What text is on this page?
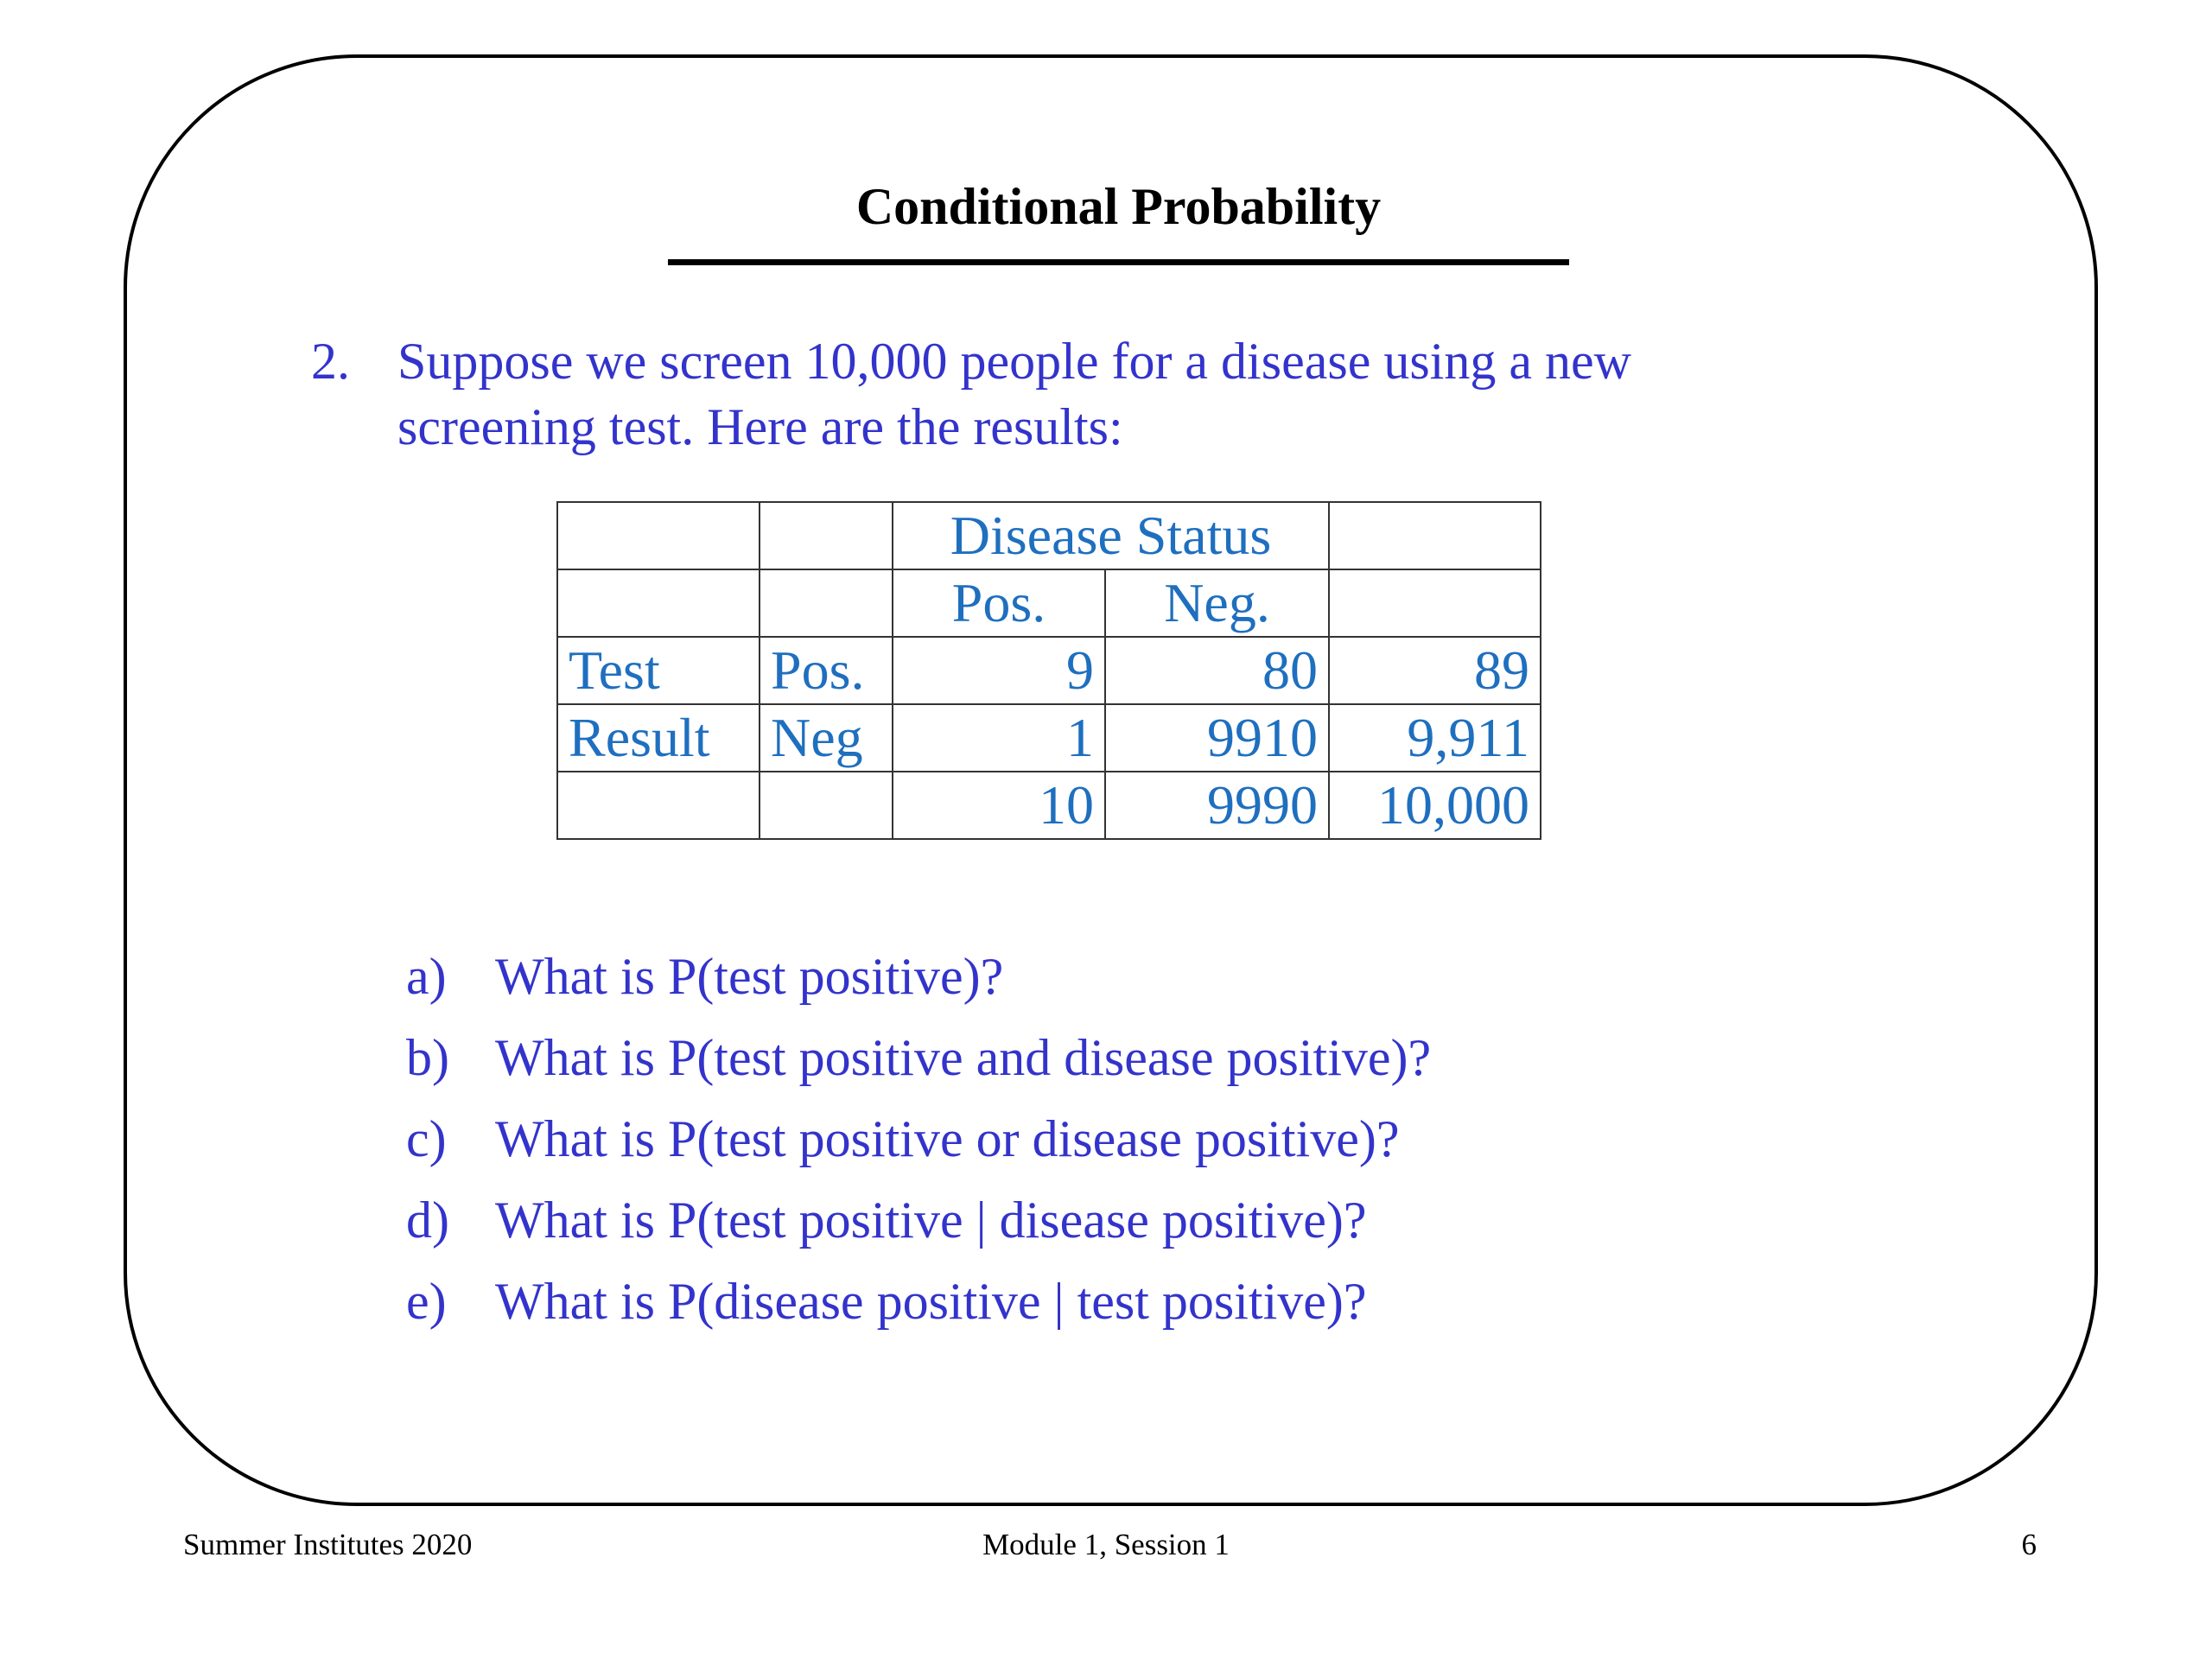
Conditional Probability
2. Suppose we screen 10,000 people for a disease using a new screening test. Here are the results:
		Disease Status		
		Pos.	Neg.	
Test	Pos.	9	80	89
Result	Neg	1	9910	9,911
		10	9990	10,000
a) What is P(test positive)?
b) What is P(test positive and disease positive)?
c) What is P(test positive or disease positive)?
d) What is P(test positive | disease positive)?
e) What is P(disease positive | test positive)?
Summer Institutes 2020	Module 1, Session 1	6
